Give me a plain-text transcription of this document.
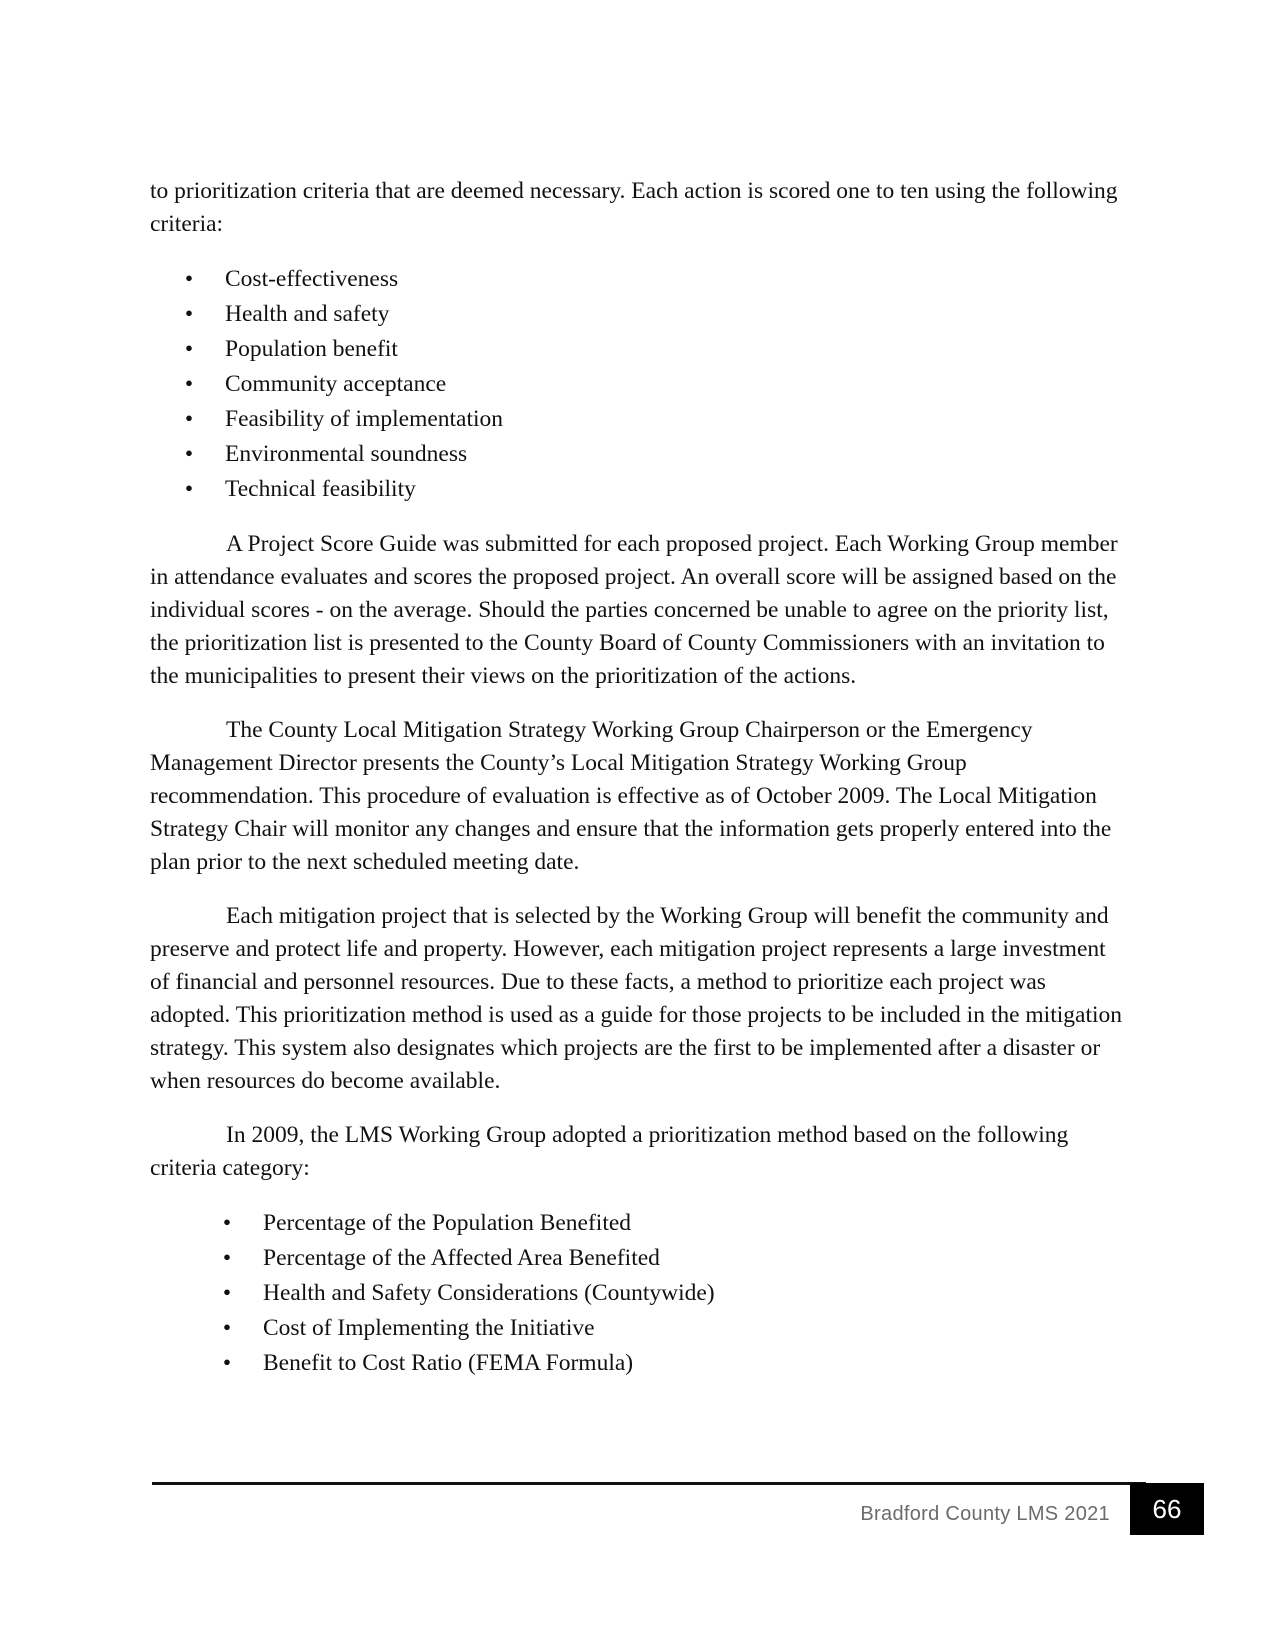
to prioritization criteria that are deemed necessary. Each action is scored one to ten using the following criteria:

• Cost-effectiveness
• Health and safety
• Population benefit
• Community acceptance
• Feasibility of implementation
• Environmental soundness
• Technical feasibility

A Project Score Guide was submitted for each proposed project. Each Working Group member in attendance evaluates and scores the proposed project. An overall score will be assigned based on the individual scores - on the average. Should the parties concerned be unable to agree on the priority list, the prioritization list is presented to the County Board of County Commissioners with an invitation to the municipalities to present their views on the prioritization of the actions.

The County Local Mitigation Strategy Working Group Chairperson or the Emergency Management Director presents the County’s Local Mitigation Strategy Working Group recommendation. This procedure of evaluation is effective as of October 2009. The Local Mitigation Strategy Chair will monitor any changes and ensure that the information gets properly entered into the plan prior to the next scheduled meeting date.

Each mitigation project that is selected by the Working Group will benefit the community and preserve and protect life and property. However, each mitigation project represents a large investment of financial and personnel resources. Due to these facts, a method to prioritize each project was adopted. This prioritization method is used as a guide for those projects to be included in the mitigation strategy. This system also designates which projects are the first to be implemented after a disaster or when resources do become available.

In 2009, the LMS Working Group adopted a prioritization method based on the following criteria category:

• Percentage of the Population Benefited
• Percentage of the Affected Area Benefited
• Health and Safety Considerations (Countywide)
• Cost of Implementing the Initiative
• Benefit to Cost Ratio (FEMA Formula)
Bradford County LMS 2021	66
